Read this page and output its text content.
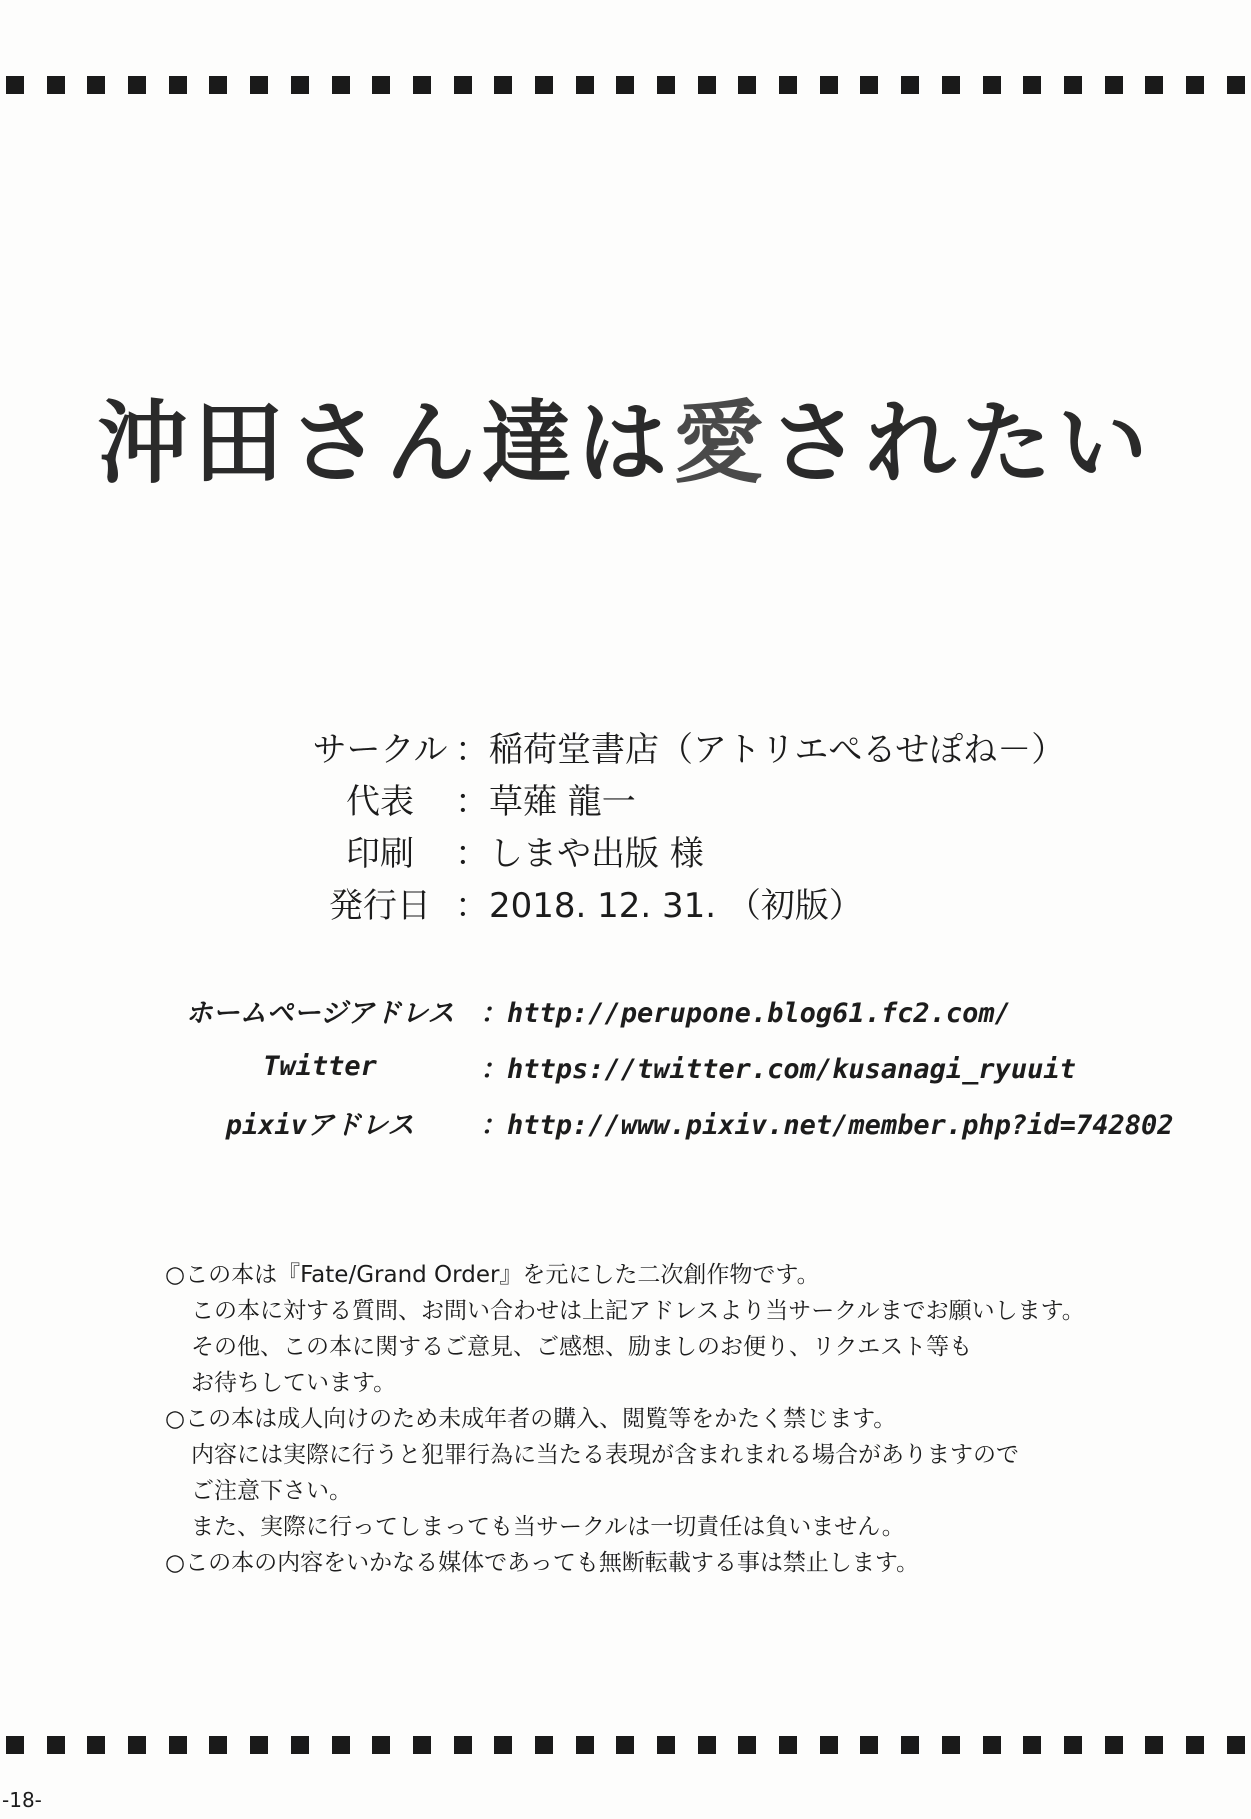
沖田さん達は愛されたい
サークル ：稲荷堂書店（アトリエぺるせぽね－）
代表	：草薙 龍一
印刷	：しまや出版 様
発行日 ：2018. 12. 31. （初版）
ホームページアドレス ：http://perupone.blog61.fc2.com/
Twitter	：https://twitter.com/kusanagi_ryuuit
pixivアドレス	：http://www.pixiv.net/member.php?id=742802
○この本は『Fate/Grand Order』を元にした二次創作物です。
この本に対する質問、お問い合わせは上記アドレスより当サークルまでお願いします。
その他、この本に関するご意見、ご感想、励ましのお便り、リクエスト等も
お待ちしています。
○この本は成人向けのため未成年者の購入、閲覧等をかたく禁じます。
内容には実際に行うと犯罪行為に当たる表現が含まれまれる場合がありますので
ご注意下さい。
また、実際に行ってしまっても当サークルは一切責任は負いません。
○この本の内容をいかなる媒体であっても無断転載する事は禁止します。
-18-
